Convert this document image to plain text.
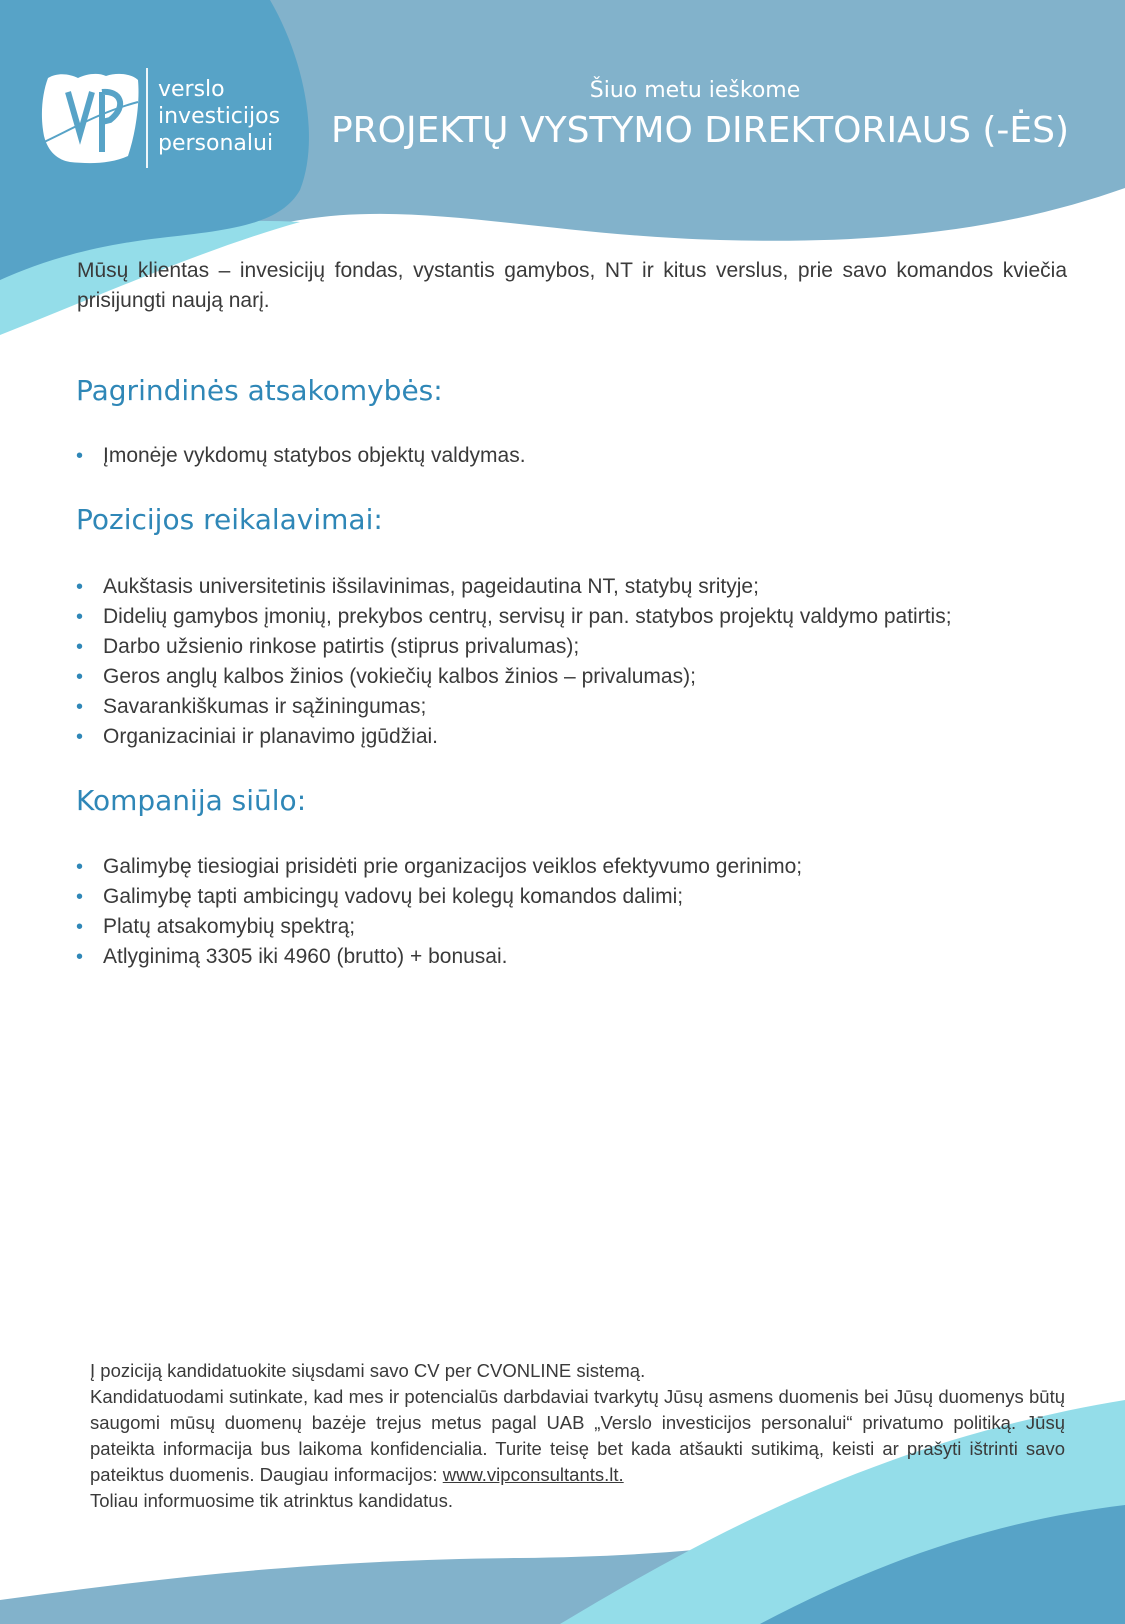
verslo
investicijos
personalui
Šiuo metu ieškome
PROJEKTŲ VYSTYMO DIREKTORIAUS (-ĖS)

Mūsų klientas – invesicijų fondas, vystantis gamybos, NT ir kitus verslus, prie savo komandos kviečia prisijungti naują narį.

Pagrindinės atsakomybės:
• Įmonėje vykdomų statybos objektų valdymas.
Pozicijos reikalavimai:
• Aukštasis universitetinis išsilavinimas, pageidautina NT, statybų srityje;
• Didelių gamybos įmonių, prekybos centrų, servisų ir pan. statybos projektų valdymo patirtis;
• Darbo užsienio rinkose patirtis (stiprus privalumas);
• Geros anglų kalbos žinios (vokiečių kalbos žinios – privalumas);
• Savarankiškumas ir sąžiningumas;
• Organizaciniai ir planavimo įgūdžiai.
Kompanija siūlo:
• Galimybę tiesiogiai prisidėti prie organizacijos veiklos efektyvumo gerinimo;
• Galimybę tapti ambicingų vadovų bei kolegų komandos dalimi;
• Platų atsakomybių spektrą;
• Atlyginimą 3305 iki 4960 (brutto) + bonusai.

Į poziciją kandidatuokite siųsdami savo CV per CVONLINE sistemą.

Kandidatuodami sutinkate, kad mes ir potencialūs darbdaviai tvarkytų Jūsų asmens duomenis bei Jūsų duomenys būtų saugomi mūsų duomenų bazėje trejus metus pagal UAB „Verslo investicijos personalui“ privatumo politiką. Jūsų pateikta informacija bus laikoma konfidencialia. Turite teisę bet kada atšaukti sutikimą, keisti ar prašyti ištrinti savo pateiktus duomenis. Daugiau informacijos: www.vipconsultants.lt.

Toliau informuosime tik atrinktus kandidatus.
